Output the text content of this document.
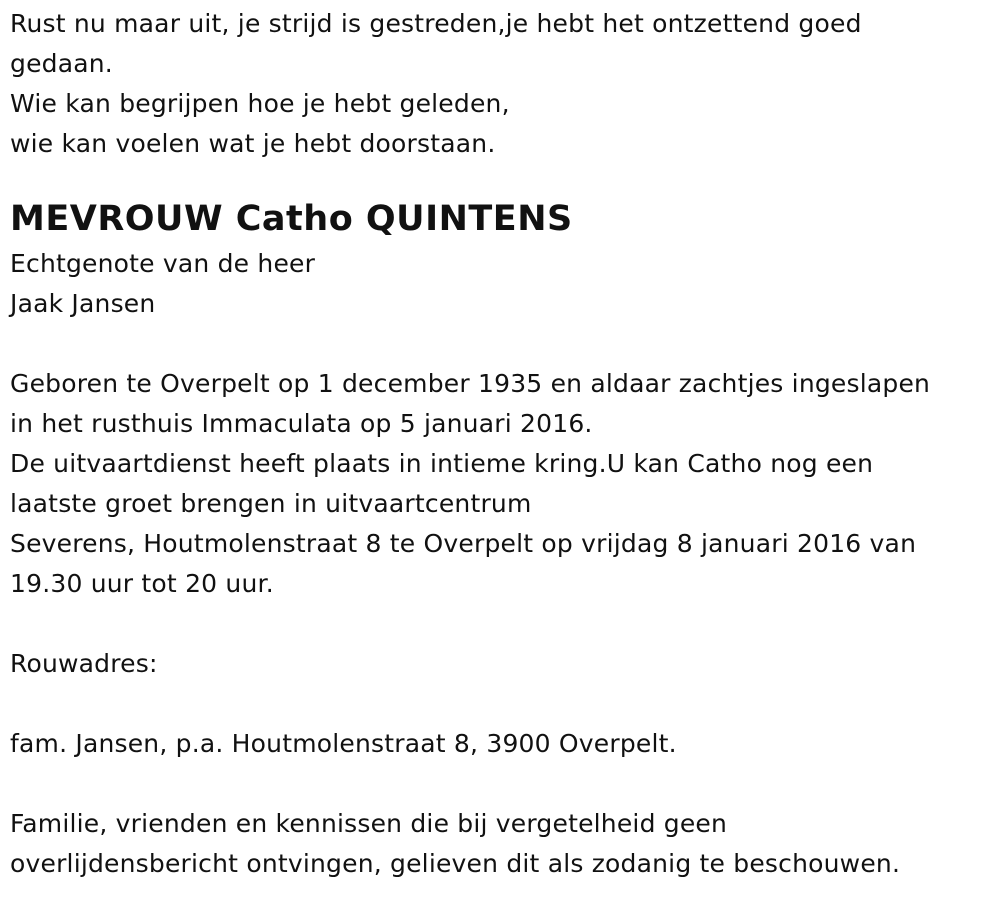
Rust nu maar uit, je strijd is gestreden,je hebt het ontzettend goed
gedaan.
Wie kan begrijpen hoe je hebt geleden,
wie kan voelen wat je hebt doorstaan.
MEVROUW Catho QUINTENS
Echtgenote van de heer
Jaak Jansen
Geboren te Overpelt op 1 december 1935 en aldaar zachtjes ingeslapen
in het rusthuis Immaculata op 5 januari 2016.
De uitvaartdienst heeft plaats in intieme kring.U kan Catho nog een
laatste groet brengen in uitvaartcentrum
Severens, Houtmolenstraat 8 te Overpelt op vrijdag 8 januari 2016 van
19.30 uur tot 20 uur.
Rouwadres:
fam. Jansen, p.a. Houtmolenstraat 8, 3900 Overpelt.
Familie, vrienden en kennissen die bij vergetelheid geen
overlijdensbericht ontvingen, gelieven dit als zodanig te beschouwen.
